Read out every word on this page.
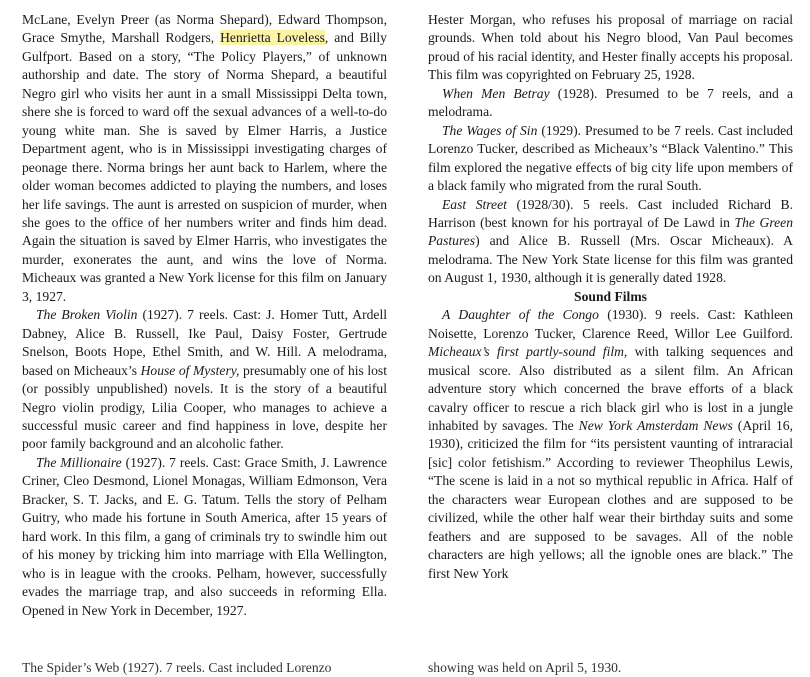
McLane, Evelyn Preer (as Norma Shepard), Edward Thompson, Grace Smythe, Marshall Rodgers, Henrietta Loveless, and Billy Gulfport. Based on a story, “The Policy Players,” of unknown authorship and date. The story of Norma Shepard, a beautiful Negro girl who visits her aunt in a small Mississippi Delta town, shere she is forced to ward off the sexual advances of a well-to-do young white man. She is saved by Elmer Harris, a Justice Department agent, who is in Mississippi investigating charges of peonage there. Norma brings her aunt back to Harlem, where the older woman becomes addicted to playing the numbers, and loses her life savings. The aunt is arrested on suspicion of murder, when she goes to the office of her numbers writer and finds him dead. Again the situation is saved by Elmer Harris, who investigates the murder, exonerates the aunt, and wins the love of Norma. Micheaux was granted a New York license for this film on January 3, 1927.

The Broken Violin (1927). 7 reels. Cast: J. Homer Tutt, Ardell Dabney, Alice B. Russell, Ike Paul, Daisy Foster, Gertrude Snelson, Boots Hope, Ethel Smith, and W. Hill. A melodrama, based on Micheaux’s House of Mystery, presumably one of his lost (or possibly unpublished) novels. It is the story of a beautiful Negro violin prodigy, Lilia Cooper, who manages to achieve a successful music career and find happiness in love, despite her poor family background and an alcoholic father.

The Millionaire (1927). 7 reels. Cast: Grace Smith, J. Lawrence Criner, Cleo Desmond, Lionel Monagas, William Edmonson, Vera Bracker, S. T. Jacks, and E. G. Tatum. Tells the story of Pelham Guitry, who made his fortune in South America, after 15 years of hard work. In this film, a gang of criminals try to swindle him out of his money by tricking him into marriage with Ella Wellington, who is in league with the crooks. Pelham, however, successfully evades the marriage trap, and also succeeds in reforming Ella. Opened in New York in December, 1927.

The Spider’s Web (1927). 7 reels. Cast included Lorenzo

Hester Morgan, who refuses his proposal of marriage on racial grounds. When told about his Negro blood, Van Paul becomes proud of his racial identity, and Hester finally accepts his proposal. This film was copyrighted on February 25, 1928.

When Men Betray (1928). Presumed to be 7 reels, and a melodrama.

The Wages of Sin (1929). Presumed to be 7 reels. Cast included Lorenzo Tucker, described as Micheaux’s “Black Valentino.” This film explored the negative effects of big city life upon members of a black family who migrated from the rural South.

East Street (1928/30). 5 reels. Cast included Richard B. Harrison (best known for his portrayal of De Lawd in The Green Pastures) and Alice B. Russell (Mrs. Oscar Micheaux). A melodrama. The New York State license for this film was granted on August 1, 1930, although it is generally dated 1928.

Sound Films

A Daughter of the Congo (1930). 9 reels. Cast: Kathleen Noisette, Lorenzo Tucker, Clarence Reed, Willor Lee Guilford. Micheaux’s first partly-sound film, with talking sequences and musical score. Also distributed as a silent film. An African adventure story which concerned the brave efforts of a black cavalry officer to rescue a rich black girl who is lost in a jungle inhabited by savages. The New York Amsterdam News (April 16, 1930), criticized the film for “its persistent vaunting of intraracial [sic] color fetishism.” According to reviewer Theophilus Lewis, “The scene is laid in a not so mythical republic in Africa. Half of the characters wear European clothes and are supposed to be civilized, while the other half wear their birthday suits and some feathers and are supposed to be savages. All of the noble characters are high yellows; all the ignoble ones are black.” The first New York

showing was held on April 5, 1930.
